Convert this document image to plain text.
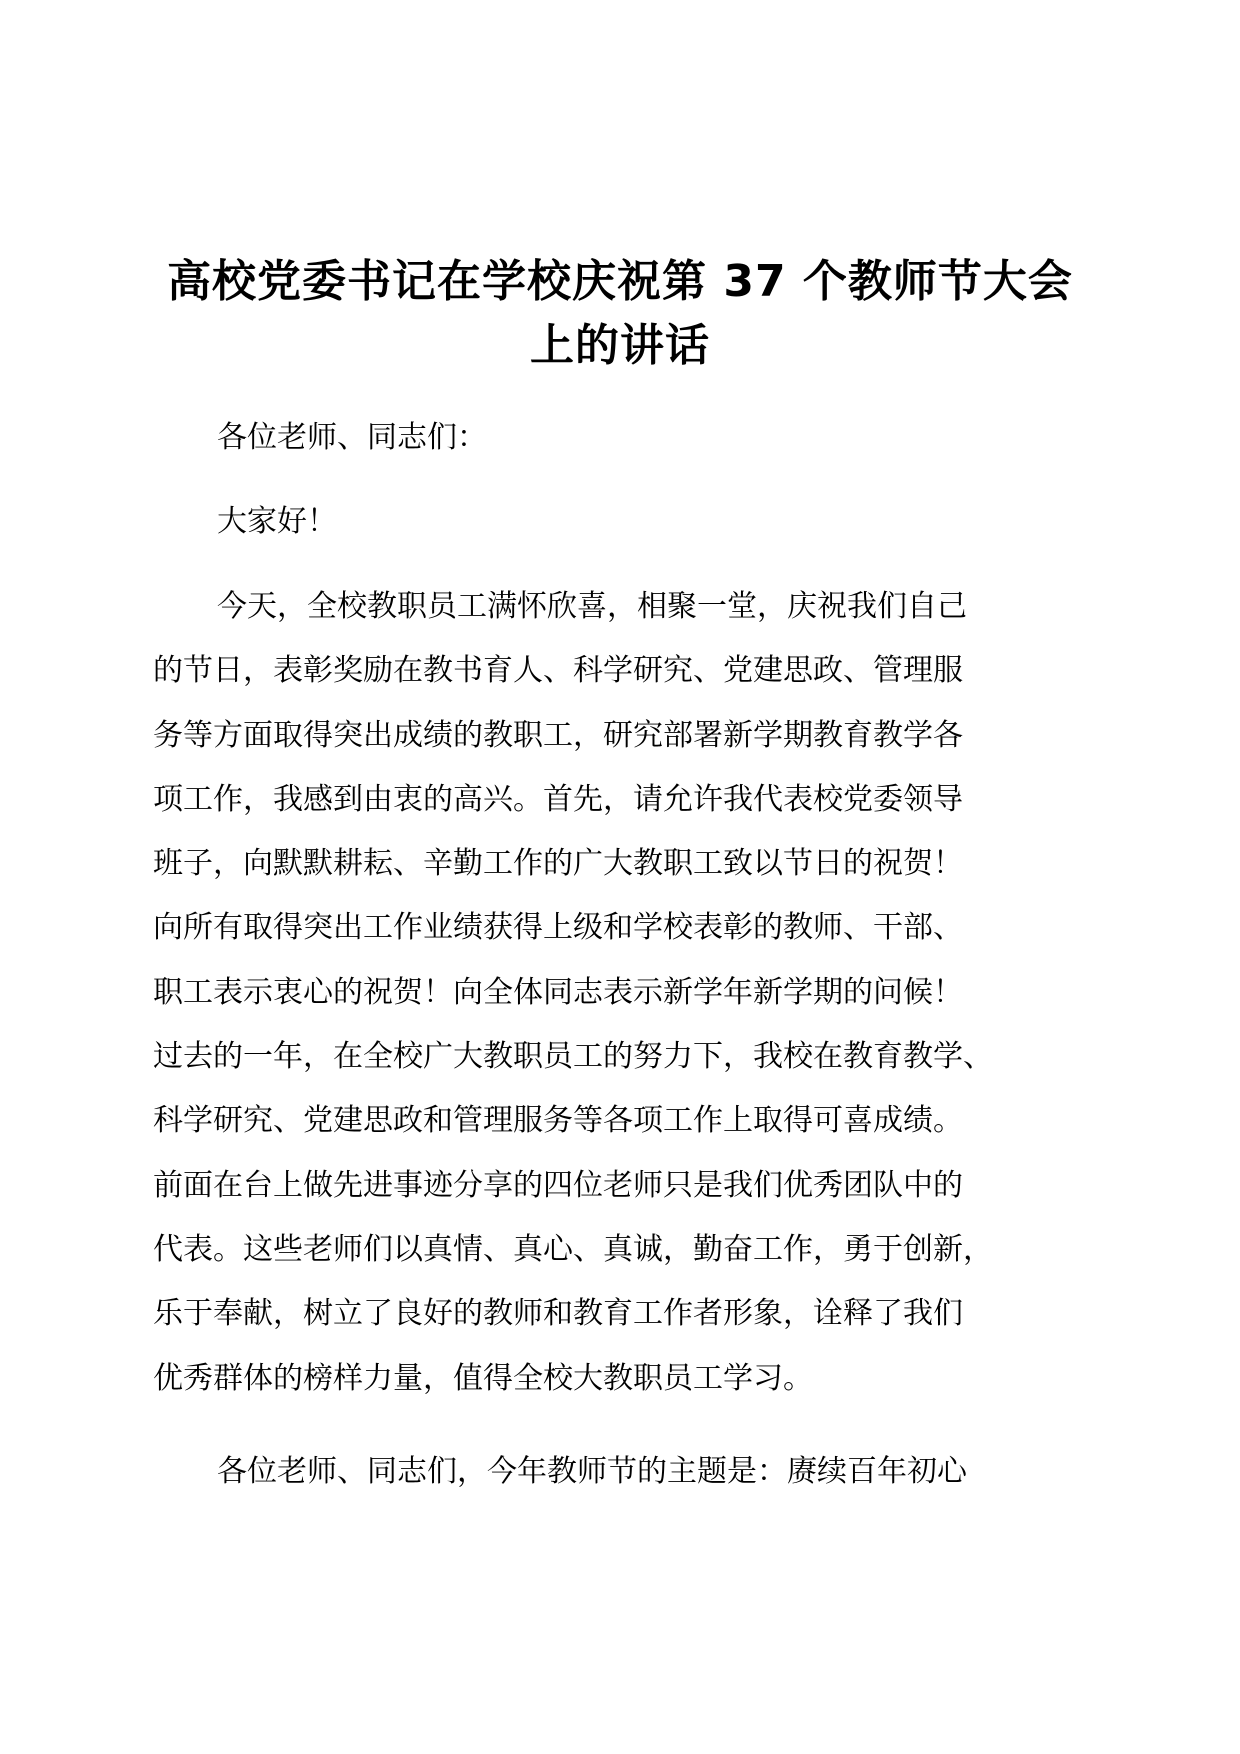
高校党委书记在学校庆祝第 37 个教师节大会
上的讲话

各位老师、同志们：

大家好！

今天，全校教职员工满怀欣喜，相聚一堂，庆祝我们自己
的节日，表彰奖励在教书育人、科学研究、党建思政、管理服
务等方面取得突出成绩的教职工，研究部署新学期教育教学各
项工作，我感到由衷的高兴。首先，请允许我代表校党委领导
班子，向默默耕耘、辛勤工作的广大教职工致以节日的祝贺！
向所有取得突出工作业绩获得上级和学校表彰的教师、干部、
职工表示衷心的祝贺！向全体同志表示新学年新学期的问候！
过去的一年，在全校广大教职员工的努力下，我校在教育教学、
科学研究、党建思政和管理服务等各项工作上取得可喜成绩。
前面在台上做先进事迹分享的四位老师只是我们优秀团队中的
代表。这些老师们以真情、真心、真诚，勤奋工作，勇于创新，
乐于奉献，树立了良好的教师和教育工作者形象，诠释了我们
优秀群体的榜样力量，值得全校大教职员工学习。

各位老师、同志们，今年教师节的主题是：赓续百年初心
